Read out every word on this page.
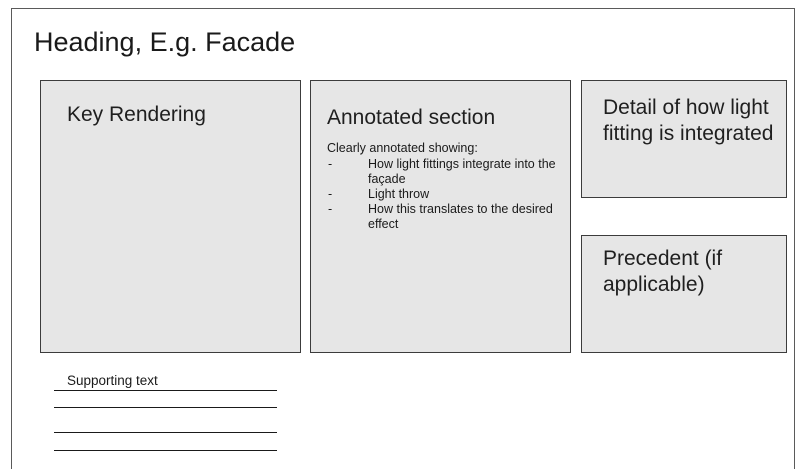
Heading, E.g. Facade
Key Rendering	Annotated section
Clearly annotated showing:
-	How light fittings integrate into the façade
-	Light throw
-	How this translates to the desired effect
Detail of how light fitting is integrated
Precedent (if applicable)
Supporting text
